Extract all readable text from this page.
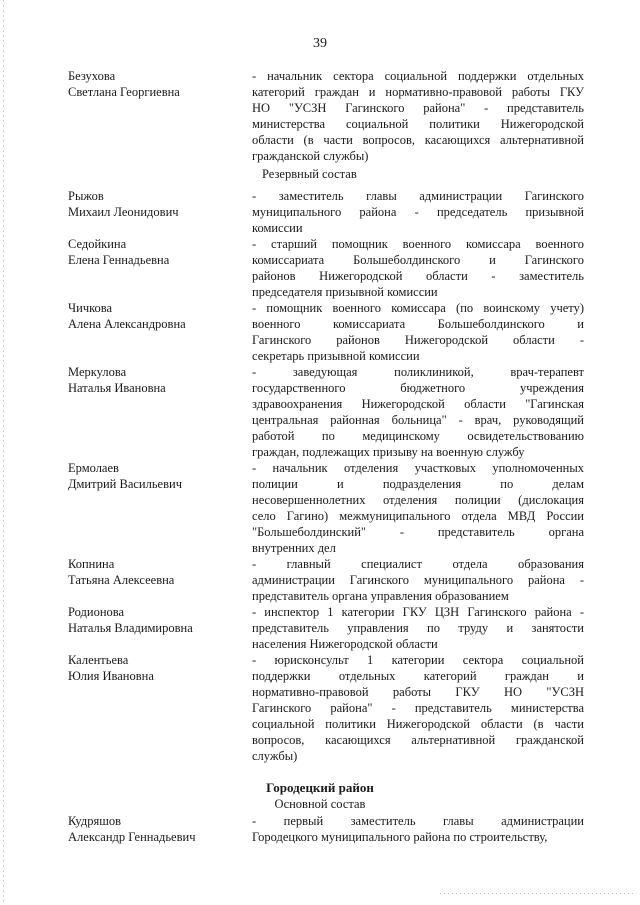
39
Безухова
Светлана Георгиевна
- начальник сектора социальной поддержки отдельных
категорий граждан и нормативно-правовой работы ГКУ
НО "УСЗН Гагинского района" - представитель
министерства социальной политики Нижегородской
области (в части вопросов, касающихся альтернативной
гражданской службы)
Резервный состав
Рыжов
Михаил Леонидович
- заместитель главы администрации Гагинского
муниципального района - председатель призывной
комиссии
Седойкина
Елена Геннадьевна
- старший помощник военного комиссара военного
комиссариата Большеболдинского и Гагинского
районов Нижегородской области - заместитель
председателя призывной комиссии
Чичкова
Алена Александровна
- помощник военного комиссара (по воинскому учету)
военного комиссариата Большеболдинского и
Гагинского районов Нижегородской области -
секретарь призывной комиссии
Меркулова
Наталья Ивановна
- заведующая поликлиникой, врач-терапевт
государственного бюджетного учреждения
здравоохранения Нижегородской области "Гагинская
центральная районная больница" - врач, руководящий
работой по медицинскому освидетельствованию
граждан, подлежащих призыву на военную службу
Ермолаев
Дмитрий Васильевич
- начальник отделения участковых уполномоченных
полиции и подразделения по делам
несовершеннолетних отделения полиции (дислокация
село Гагино) межмуниципального отдела МВД России
"Большеболдинский" - представитель органа
внутренних дел
Копнина
Татьяна Алексеевна
- главный специалист отдела образования
администрации Гагинского муниципального района -
представитель органа управления образованием
Родионова
Наталья Владимировна
- инспектор 1 категории ГКУ ЦЗН Гагинского района -
представитель управления по труду и занятости
населения Нижегородской области
Калентьева
Юлия Ивановна
- юрисконсульт 1 категории сектора социальной
поддержки отдельных категорий граждан и
нормативно-правовой работы ГКУ НО "УСЗН
Гагинского района" - представитель министерства
социальной политики Нижегородской области (в части
вопросов, касающихся альтернативной гражданской
службы)
Городецкий район
Основной состав
Кудряшов
Александр Геннадьевич
- первый заместитель главы администрации
Городецкого муниципального района по строительству,
